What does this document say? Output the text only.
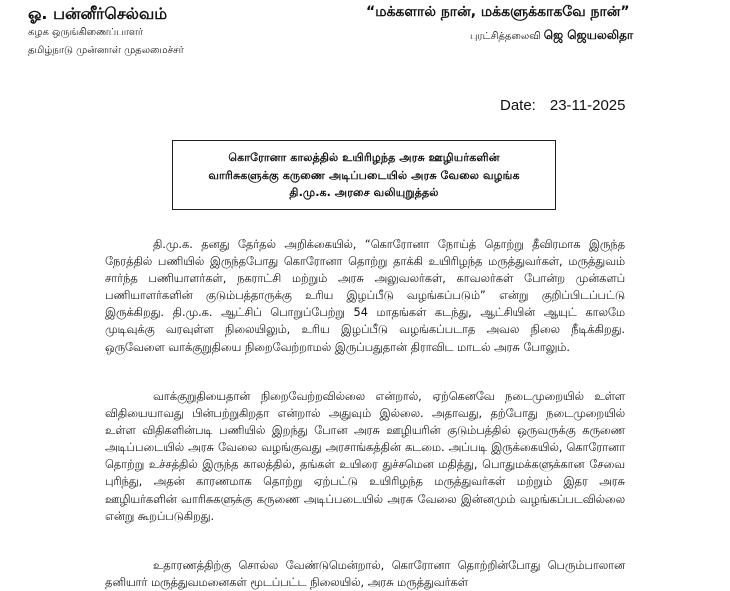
ஓ. பன்னீர்செல்வம்
கழக ஒருங்கிணைப்பாளர்
தமிழ்நாடு முன்னாள் முதலமைச்சர்
“மக்களால் நான், மக்களுக்காகவே நான்”
புரட்சித்தலைவி ஜெ ஜெயலலிதா
Date: 23-11-2025
கொரோனா காலத்தில் உயிரிழந்த அரசு ஊழியர்களின்
வாரிசுகளுக்கு கருணை அடிப்படையில் அரசு வேலை வழங்க
தி.மு.க. அரசை வலியுறுத்தல்

தி.மு.க. தனது தேர்தல் அறிக்கையில், “கொரோனா நோய்த் தொற்று தீவிரமாக இருந்த நேரத்தில் பணியில் இருந்தபோது கொரோனா தொற்று தாக்கி உயிரிழந்த மருத்துவர்கள், மருத்துவம் சார்ந்த பணியாளர்கள், நகராட்சி மற்றும் அரசு அலுவலர்கள், காவலர்கள் போன்ற முன்களப் பணியாளர்களின் குடும்பத்தாருக்கு உரிய இழப்பீடு வழங்கப்படும்” என்று குறிப்பிடப்பட்டு இருக்கிறது. தி.மு.க. ஆட்சிப் பொறுப்பேற்று 54 மாதங்கள் கடந்து, ஆட்சியின் ஆயுட் காலமே முடிவுக்கு வரவுள்ள நிலையிலும், உரிய இழப்பீடு வழங்கப்படாத அவல நிலை நீடிக்கிறது. ஒருவேளை வாக்குறுதியை நிறைவேற்றாமல் இருப்பதுதான் திராவிட மாடல் அரசு போலும்.

வாக்குறுதியைதான் நிறைவேற்றவில்லை என்றால், ஏற்கெனவே நடைமுறையில் உள்ள விதியையாவது பின்பற்றுகிறதா என்றால் அதுவும் இல்லை. அதாவது, தற்போது நடைமுறையில் உள்ள விதிகளின்படி பணியில் இறந்து போன அரசு ஊழியரின் குடும்பத்தில் ஒருவருக்கு கருணை அடிப்படையில் அரசு வேலை வழங்குவது அரசாங்கத்தின் கடமை. அப்படி இருக்கையில், கொரோனா தொற்று உச்சத்தில் இருந்த காலத்தில், தங்கள் உயிரை துச்சமென மதித்து, பொதுமக்களுக்கான சேவை புரிந்து, அதன் காரணமாக தொற்று ஏற்பட்டு உயிரிழந்த மருத்துவர்கள் மற்றும் இதர அரசு ஊழியர்களின் வாரிசுகளுக்கு கருணை அடிப்படையில் அரசு வேலை இன்னமும் வழங்கப்படவில்லை என்று கூறப்படுகிறது.

உதாரணத்திற்கு சொல்ல வேண்டுமென்றால், கொரோனா தொற்றின்போது பெரும்பாலான தனியார் மருத்துவமனைகள் மூடப்பட்ட நிலையில், அரசு மருத்துவர்கள்
